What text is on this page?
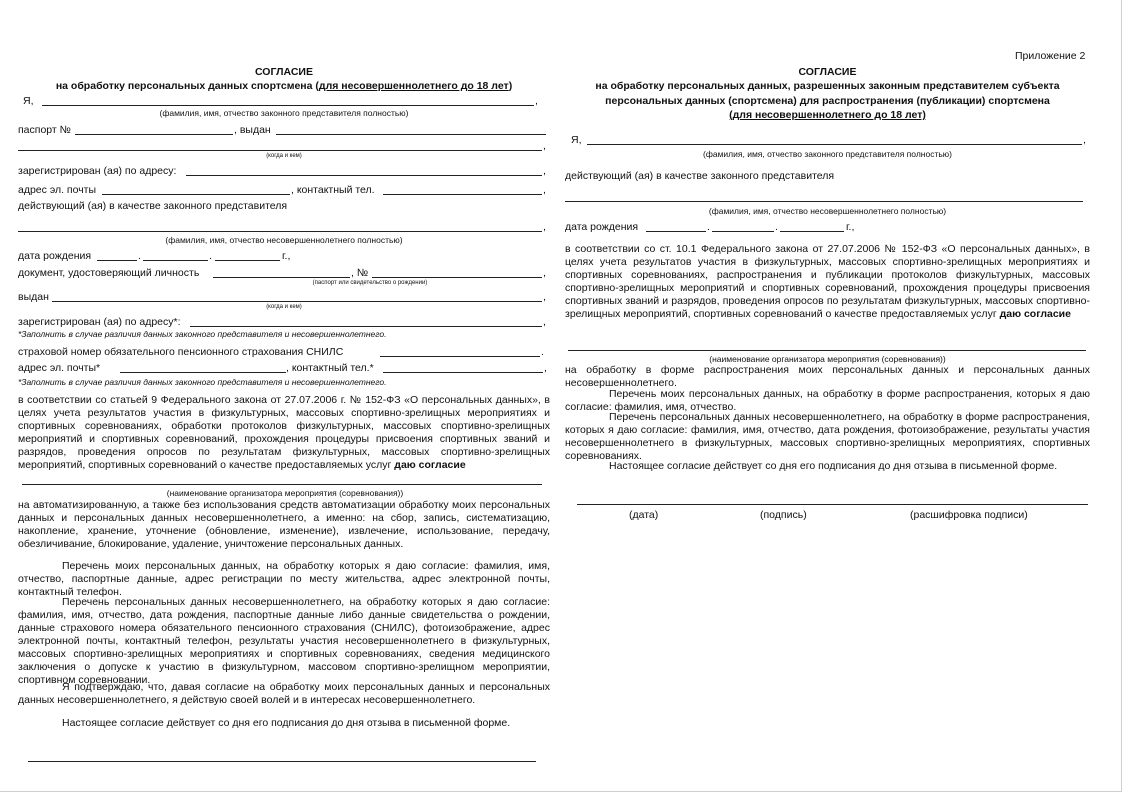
СОГЛАСИЕ
на обработку персональных данных спортсмена (для несовершеннолетнего до 18 лет)
Я,	,
(фамилия, имя, отчество законного представителя полностью)
паспорт №	, выдан
,
(когда и кем)
зарегистрирован (ая) по адресу:	,
адрес эл. почты	, контактный тел.	,
действующий (ая) в качестве законного представителя
,
(фамилия, имя, отчество несовершеннолетнего полностью)
дата рождения	.	.	г.,
документ, удостоверяющий личность	, №	,
(паспорт или свидетельство о рождении)
выдан	,
(когда и кем)
зарегистрирован (ая) по адресу*:	,
*Заполнить в случае различия данных законного представителя и несовершеннолетнего.
страховой номер обязательного пенсионного страхования СНИЛС	.
адрес эл. почты*	, контактный тел.*	,
*Заполнить в случае различия данных законного представителя и несовершеннолетнего.
в соответствии со статьей 9 Федерального закона от 27.07.2006 г. № 152-ФЗ «О персональных данных», в целях учета результатов участия в физкультурных, массовых спортивно-зрелищных мероприятиях и спортивных соревнованиях, обработки протоколов физкультурных, массовых спортивно-зрелищных мероприятий и спортивных соревнований, прохождения процедуры присвоения спортивных званий и разрядов, проведения опросов по результатам физкультурных, массовых спортивно-зрелищных мероприятий, спортивных соревнований о качестве предоставляемых услуг даю согласие
(наименование организатора мероприятия (соревнования))
на автоматизированную, а также без использования средств автоматизации обработку моих персональных данных и персональных данных несовершеннолетнего, а именно: на сбор, запись, систематизацию, накопление, хранение, уточнение (обновление, изменение), извлечение, использование, передачу, обезличивание, блокирование, удаление, уничтожение персональных данных.
Перечень моих персональных данных, на обработку которых я даю согласие: фамилия, имя, отчество, паспортные данные, адрес регистрации по месту жительства, адрес электронной почты, контактный телефон.
Перечень персональных данных несовершеннолетнего, на обработку которых я даю согласие: фамилия, имя, отчество, дата рождения, паспортные данные либо данные свидетельства о рождении, данные страхового номера обязательного пенсионного страхования (СНИЛС), фотоизображение, адрес электронной почты, контактный телефон, результаты участия несовершеннолетнего в физкультурных, массовых спортивно-зрелищных мероприятиях и спортивных соревнованиях, сведения медицинского заключения о допуске к участию в физкультурном, массовом спортивно-зрелищном мероприятии, спортивном соревновании.
Я подтверждаю, что, давая согласие на обработку моих персональных данных и персональных данных несовершеннолетнего, я действую своей волей и в интересах несовершеннолетнего.
Настоящее согласие действует со дня его подписания до дня отзыва в письменной форме.
Приложение 2
СОГЛАСИЕ
на обработку персональных данных, разрешенных законным представителем субъекта
персональных данных (спортсмена) для распространения (публикации) спортсмена
(для несовершеннолетнего до 18 лет)
Я,	,
(фамилия, имя, отчество законного представителя полностью)
действующий (ая) в качестве законного представителя
(фамилия, имя, отчество несовершеннолетнего полностью)
дата рождения	.	.	г.,
в соответствии со ст. 10.1 Федерального закона от 27.07.2006 № 152-ФЗ «О персональных данных», в целях учета результатов участия в физкультурных, массовых спортивно-зрелищных мероприятиях и спортивных соревнованиях, распространения и публикации протоколов физкультурных, массовых спортивно-зрелищных мероприятий и спортивных соревнований, прохождения процедуры присвоения спортивных званий и разрядов, проведения опросов по результатам физкультурных, массовых спортивно-зрелищных мероприятий, спортивных соревнований о качестве предоставляемых услуг даю согласие
(наименование организатора мероприятия (соревнования))
на обработку в форме распространения моих персональных данных и персональных данных несовершеннолетнего.
Перечень моих персональных данных, на обработку в форме распространения, которых я даю согласие: фамилия, имя, отчество.
Перечень персональных данных несовершеннолетнего, на обработку в форме распространения, которых я даю согласие: фамилия, имя, отчество, дата рождения, фотоизображение, результаты участия несовершеннолетнего в физкультурных, массовых спортивно-зрелищных мероприятиях, спортивных соревнованиях.
Настоящее согласие действует со дня его подписания до дня отзыва в письменной форме.
(дата)	(подпись)	(расшифровка подписи)
